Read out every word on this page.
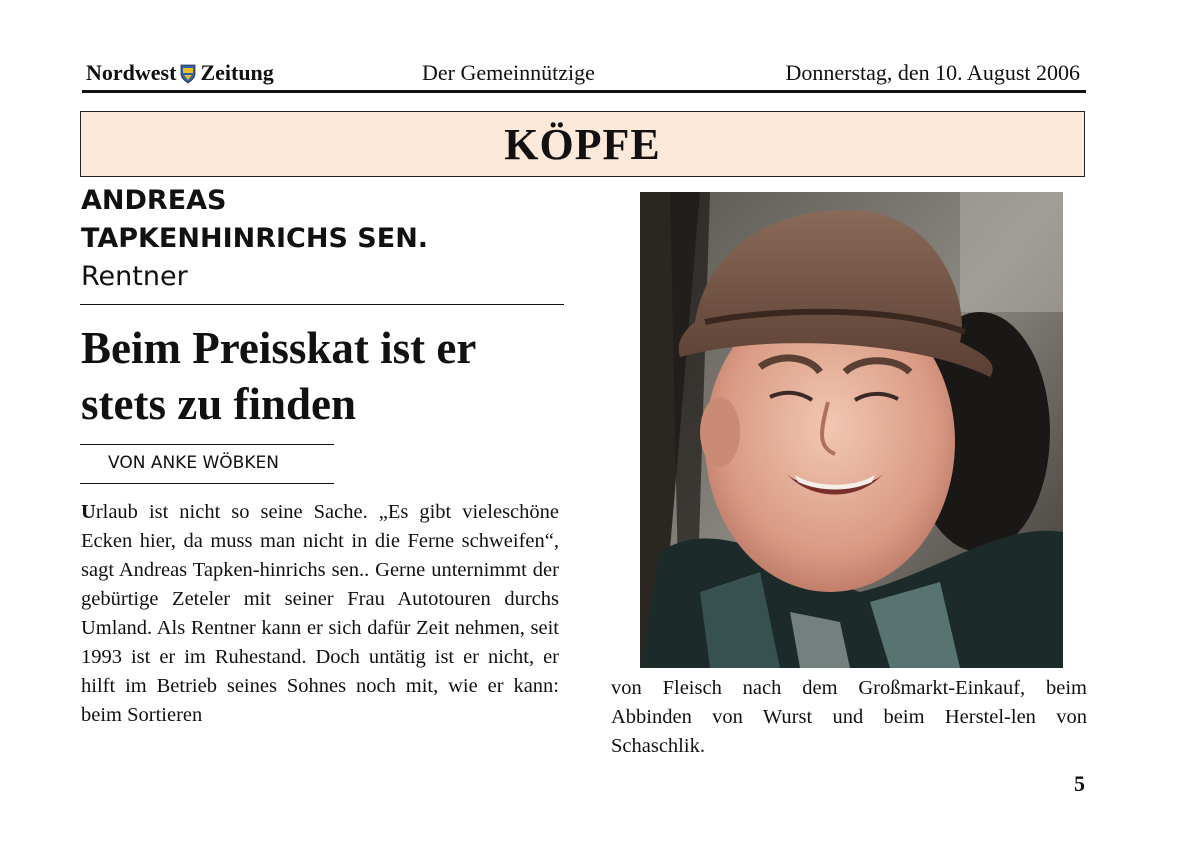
Nordwest Zeitung	Der Gemeinnützige	Donnerstag, den 10. August 2006
KÖPFE
ANDREAS
TAPKENHINRICHS SEN.
Rentner
Beim Preisskat ist er
stets zu finden
VON ANKE WÖBKEN
Urlaub ist nicht so seine Sache. „Es gibt vieleschöne Ecken hier, da muss man nicht in die Ferne schweifen“, sagt Andreas Tapken-hinrichs sen.. Gerne unternimmt der gebürtige Zeteler mit seiner Frau Autotouren durchs Umland. Als Rentner kann er sich dafür Zeit nehmen, seit 1993 ist er im Ruhestand. Doch untätig ist er nicht, er hilft im Betrieb seines Sohnes noch mit, wie er kann: beim Sortieren
von Fleisch nach dem Großmarkt-Einkauf, beim Abbinden von Wurst und beim Herstel-len von Schaschlik.
5
